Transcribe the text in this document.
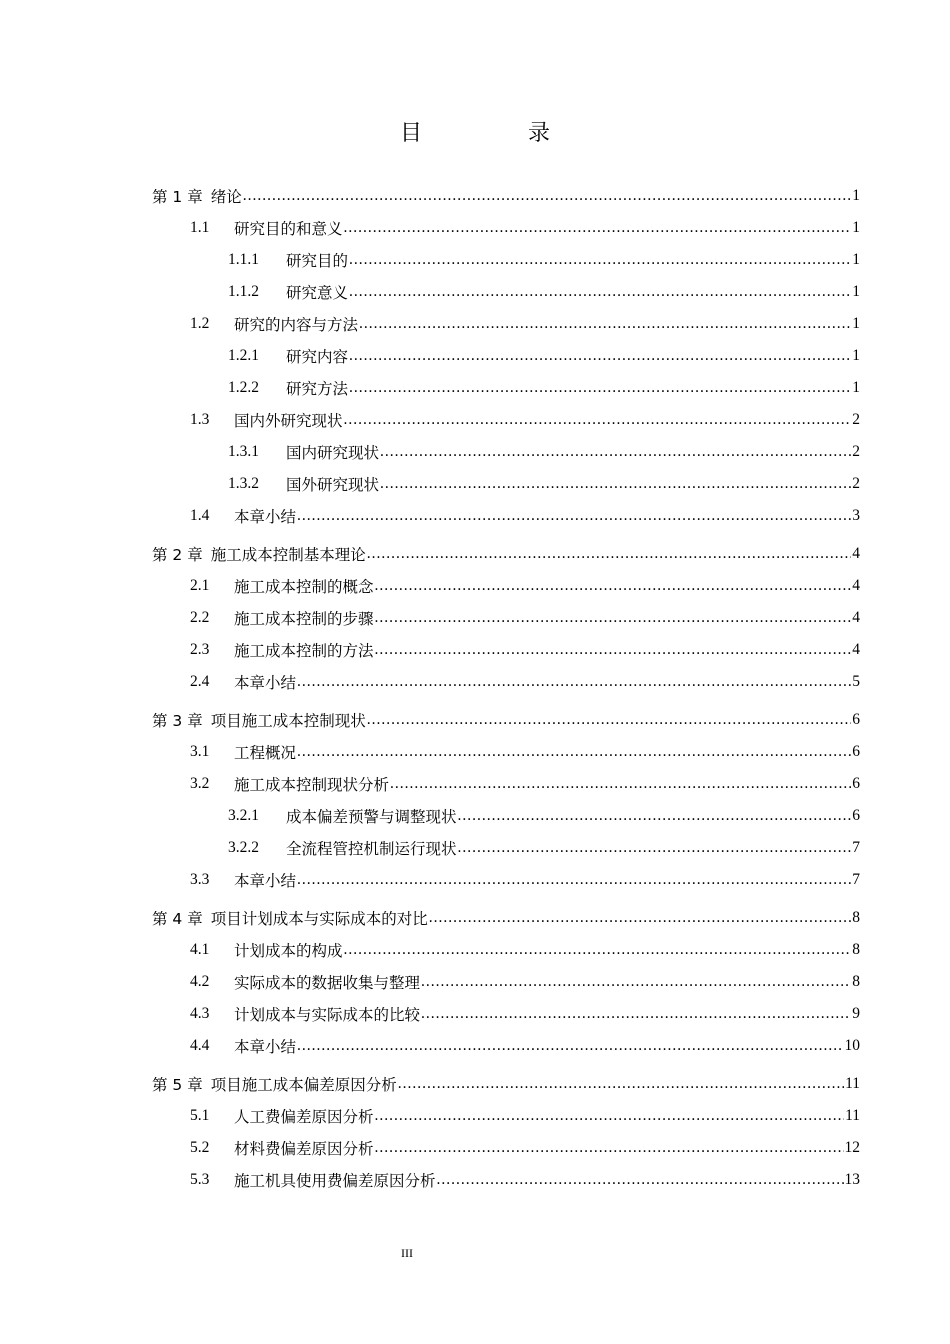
目　录
第 1 章 绪论 .....	1
1.1	研究目的和意义 .....	1
1.1.1	研究目的 .....	1
1.1.2	研究意义 .....	1
1.2	研究的内容与方法 .....	1
1.2.1	研究内容 .....	1
1.2.2	研究方法 .....	1
1.3	国内外研究现状 .....	2
1.3.1	国内研究现状 .....	2
1.3.2	国外研究现状 .....	2
1.4	本章小结 .....	3
第 2 章 施工成本控制基本理论 .....	4
2.1	施工成本控制的概念 .....	4
2.2	施工成本控制的步骤 .....	4
2.3	施工成本控制的方法 .....	4
2.4	本章小结 .....	5
第 3 章 项目施工成本控制现状 .....	6
3.1	工程概况 .....	6
3.2	施工成本控制现状分析 .....	6
3.2.1	成本偏差预警与调整现状 .....	6
3.2.2	全流程管控机制运行现状 .....	7
3.3	本章小结 .....	7
第 4 章 项目计划成本与实际成本的对比 .....	8
4.1	计划成本的构成 .....	8
4.2	实际成本的数据收集与整理 .....	8
4.3	计划成本与实际成本的比较 .....	9
4.4	本章小结 .....	10
第 5 章 项目施工成本偏差原因分析 .....	11
5.1	人工费偏差原因分析 .....	11
5.2	材料费偏差原因分析 .....	12
5.3	施工机具使用费偏差原因分析 .....	13
III
